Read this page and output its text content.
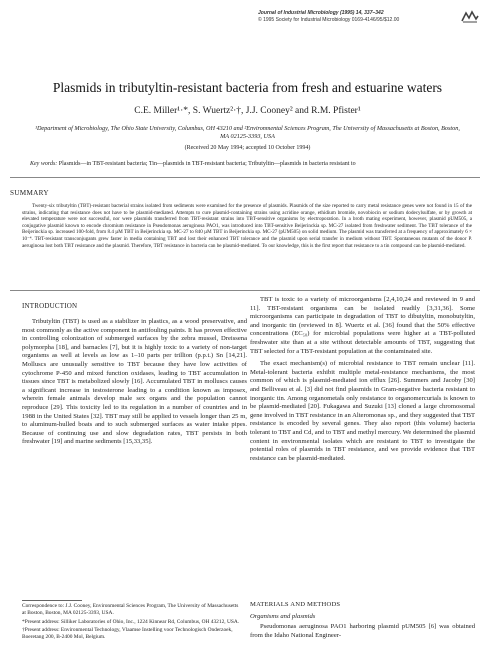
Journal of Industrial Microbiology (1995) 14, 337–342
© 1995 Society for Industrial Microbiology 0169-4146/95/$12.00
Plasmids in tributyltin-resistant bacteria from fresh and estuarine waters
C.E. Miller¹·*, S. Wuertz²·†, J.J. Cooney² and R.M. Pfister¹
¹Department of Microbiology, The Ohio State University, Columbus, OH 43210 and ²Environmental Sciences Program, The University of Massachusetts at Boston, Boston, MA 02125-3393, USA
(Received 20 May 1994; accepted 10 October 1994)
Key words: Plasmids—in TBT-resistant bacteria; Tin—plasmids in TBT-resistant bacteria; Tributyltin—plasmids in bacteria resistant to
SUMMARY

Twenty-six tributyltin (TBT)-resistant bacterial strains isolated from sediments were examined for the presence of plasmids. Plasmids of the size reported to carry metal resistance genes were not found in 15 of the strains, indicating that resistance does not have to be plasmid-mediated. Attempts to cure plasmid-containing strains using acridine orange, ethidium bromide, novobiocin or sodium dodecylsulfate, or by growth at elevated temperature were not successful, nor were plasmids transferred from TBT-resistant strains into TBT-sensitive organisms by electroporation. In a broth mating experiment, however, plasmid pUM505, a conjugative plasmid known to encode chromium resistance in Pseudomonas aeruginosa PAO1, was introduced into TBT-sensitive Beijerinckia sp. MC-27 isolated from freshwater sediment. The TBT tolerance of the Beijerinckia sp. increased 100-fold, from 8.4 µM TBT in Beijerinckia sp. MC-27 to 840 µM TBT in Beijerinckia sp. MC-27 (pUM505) on solid medium. The plasmid was transferred at a frequency of approximately 6 × 10⁻⁴. TBT-resistant transconjugants grew faster in media containing TBT and lost their enhanced TBT tolerance and the plasmid upon serial transfer in medium without TBT. Spontaneous mutants of the donor P. aeruginosa lost both TBT resistance and the plasmid. Therefore, TBT resistance in bacteria can be plasmid-mediated. To our knowledge, this is the first report that resistance to a tin compound can be plasmid-mediated.

INTRODUCTION

Tributyltin (TBT) is used as a stabilizer in plastics, as a wood preservative, and most commonly as the active component in antifouling paints. It has proven effective in controlling colonization of submerged surfaces by the zebra mussel, Dreissena polymorpha [18], and barnacles [7], but it is highly toxic to a variety of non-target organisms as well at levels as low as 1–10 parts per trillion (p.p.t.) Sn [14,21]. Molluscs are unusually sensitive to TBT because they have low activities of cytochrome P-450 and mixed function oxidases, leading to TBT accumulation in tissues since TBT is metabolized slowly [16]. Accumulated TBT in molluscs causes a significant increase in testosterone leading to a condition known as imposex, wherein female animals develop male sex organs and the population cannot reproduce [29]. This toxicity led to its regulation in a number of countries and in 1988 in the United States [32]. TBT may still be applied to vessels longer than 25 m, to aluminum-hulled boats and to such submerged surfaces as water intake pipes. Because of continuing use and slow degradation rates, TBT persists in both freshwater [19] and marine sediments [15,33,35].

TBT is toxic to a variety of microorganisms [2,4,10,24 and reviewed in 9 and 11]. TBT-resistant organisms can be isolated readily [3,31,36]. Some microorganisms can participate in degradation of TBT to dibutyltin, monobutyltin, and inorganic tin (reviewed in 8]. Wuertz et al. [36] found that the 50% effective concentrations (EC₅₀) for microbial populations were higher at a TBT-polluted freshwater site than at a site without detectable amounts of TBT, suggesting that TBT selected for a TBT-resistant population at the contaminated site.

The exact mechanism(s) of microbial resistance to TBT remain unclear [11]. Metal-tolerant bacteria exhibit multiple metal-resistance mechanisms, the most common of which is plasmid-mediated ion efflux [26]. Summers and Jacoby [30] and Belliveau et al. [3] did not find plasmids in Gram-negative bacteria resistant to inorganic tin. Among organometals only resistance to organomercurials is known to be plasmid-mediated [20]. Fukagawa and Suzuki [13] cloned a large chromosomal gene involved in TBT resistance in an Alteromonas sp., and they suggested that TBT resistance is encoded by several genes. They also report (this volume) bacteria tolerant to TBT and Cd, and to TBT and methyl mercury. We determined the plasmid content in environmental isolates which are resistant to TBT to investigate the potential roles of plasmids in TBT resistance, and we provide evidence that TBT resistance can be plasmid-mediated.

Correspondence to: J.J. Cooney, Environmental Sciences Program, The University of Massachusetts at Boston, Boston, MA 02125-3393, USA.

*Present address: Silliker Laboratories of Ohio, Inc., 1224 Kinnear Rd, Columbus, OH 43212, USA.

†Present address: Environmental Technology, Vlaamse Instelling voor Technologisch Onderzoek, Boeretang 200, B-2400 Mol, Belgium.

MATERIALS AND METHODS
Organisms and plasmids

Pseudomonas aeruginosa PAO1 harboring plasmid pUM505 [6] was obtained from the Idaho National Engineer-
